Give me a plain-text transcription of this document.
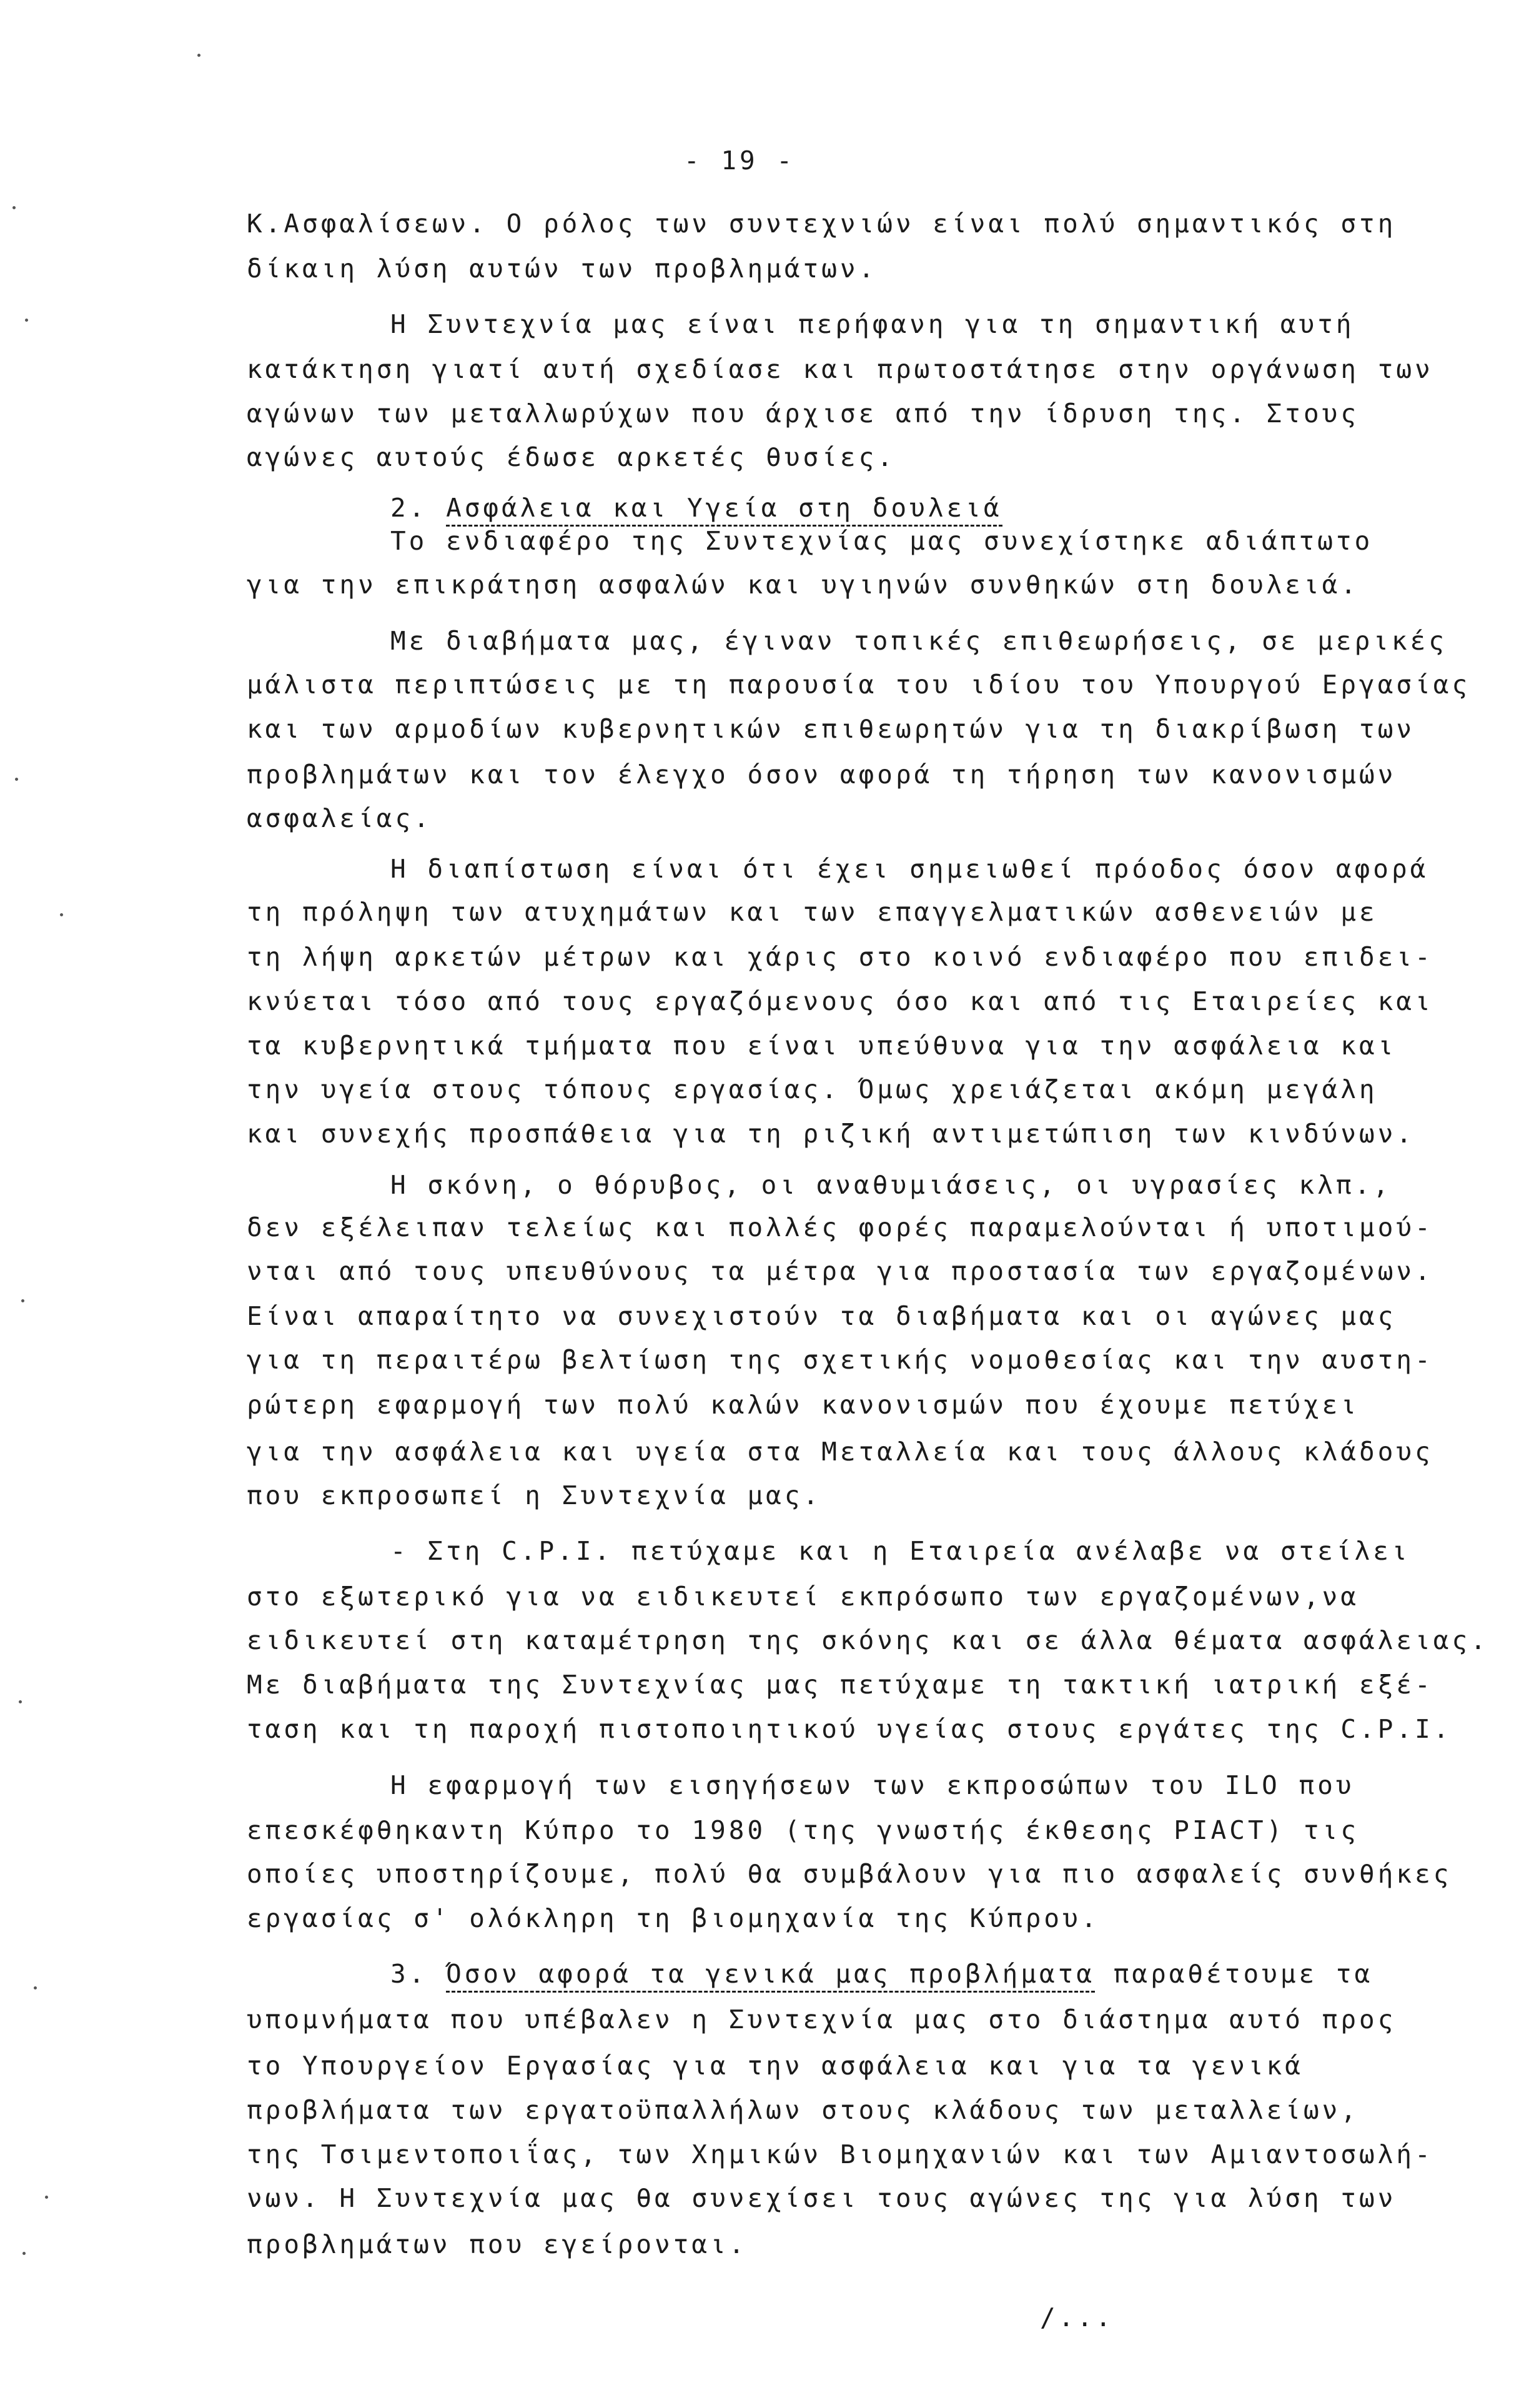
- 19 -
Κ.Ασφαλίσεων. Ο ρόλος των συντεχνιών είναι πολύ σημαντικός στη
δίκαιη λύση αυτών των προβλημάτων.
Η Συντεχνία μας είναι περήφανη για τη σημαντική αυτή
κατάκτηση γιατί αυτή σχεδίασε και πρωτοστάτησε στην οργάνωση των
αγώνων των μεταλλωρύχων που άρχισε από την ίδρυση της. Στους
αγώνες αυτούς έδωσε αρκετές θυσίες.
2. Ασφάλεια και Υγεία στη δουλειά
Το ενδιαφέρο της Συντεχνίας μας συνεχίστηκε αδιάπτωτο
για την επικράτηση ασφαλών και υγιηνών συνθηκών στη δουλειά.
Με διαβήματα μας, έγιναν τοπικές επιθεωρήσεις, σε μερικές
μάλιστα περιπτώσεις με τη παρουσία του ιδίου του Υπουργού Εργασίας
και των αρμοδίων κυβερνητικών επιθεωρητών για τη διακρίβωση των
προβλημάτων και τον έλεγχο όσον αφορά τη τήρηση των κανονισμών
ασφαλείας.
Η διαπίστωση είναι ότι έχει σημειωθεί πρόοδος όσον αφορά
τη πρόληψη των ατυχημάτων και των επαγγελματικών ασθενειών με
τη λήψη αρκετών μέτρων και χάρις στο κοινό ενδιαφέρο που επιδει-
κνύεται τόσο από τους εργαζόμενους όσο και από τις Εταιρείες και
τα κυβερνητικά τμήματα που είναι υπεύθυνα για την ασφάλεια και
την υγεία στους τόπους εργασίας. Όμως χρειάζεται ακόμη μεγάλη
και συνεχής προσπάθεια για τη ριζική αντιμετώπιση των κινδύνων.
Η σκόνη, ο θόρυβος, οι αναθυμιάσεις, οι υγρασίες κλπ.,
δεν εξέλειπαν τελείως και πολλές φορές παραμελούνται ή υποτιμού-
νται από τους υπευθύνους τα μέτρα για προστασία των εργαζομένων.
Είναι απαραίτητο να συνεχιστούν τα διαβήματα και οι αγώνες μας
για τη περαιτέρω βελτίωση της σχετικής νομοθεσίας και την αυστη-
ρώτερη εφαρμογή των πολύ καλών κανονισμών που έχουμε πετύχει
για την ασφάλεια και υγεία στα Μεταλλεία και τους άλλους κλάδους
που εκπροσωπεί η Συντεχνία μας.
- Στη C.P.I. πετύχαμε και η Εταιρεία ανέλαβε να στείλει
στο εξωτερικό για να ειδικευτεί εκπρόσωπο των εργαζομένων,να
ειδικευτεί στη καταμέτρηση της σκόνης και σε άλλα θέματα ασφάλειας.
Με διαβήματα της Συντεχνίας μας πετύχαμε τη τακτική ιατρική εξέ-
ταση και τη παροχή πιστοποιητικού υγείας στους εργάτες της C.P.I.
Η εφαρμογή των εισηγήσεων των εκπροσώπων του ILO που
επεσκέφθηκαντη Κύπρο το 1980 (της γνωστής έκθεσης PIACT) τις
οποίες υποστηρίζουμε, πολύ θα συμβάλουν για πιο ασφαλείς συνθήκες
εργασίας σ' ολόκληρη τη βιομηχανία της Κύπρου.
3. Όσον αφορά τα γενικά μας προβλήματα παραθέτουμε τα
υπομνήματα που υπέβαλεν η Συντεχνία μας στο διάστημα αυτό προς
το Υπουργείον Εργασίας για την ασφάλεια και για τα γενικά
προβλήματα των εργατοϋπαλλήλων στους κλάδους των μεταλλείων,
της Τσιμεντοποιΐας, των Χημικών Βιομηχανιών και των Αμιαντοσωλή-
νων. Η Συντεχνία μας θα συνεχίσει τους αγώνες της για λύση των
προβλημάτων που εγείρονται.
/...
